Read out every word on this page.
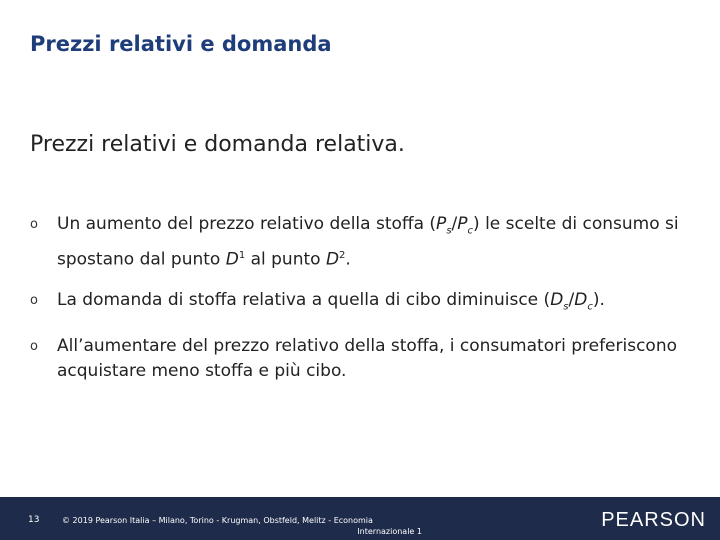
Prezzi relativi e domanda
Prezzi relativi e domanda relativa.
o Un aumento del prezzo relativo della stoffa $(P_s/P_c)$ le scelte di consumo si spostano dal punto $D^1$ al punto $D^2$.
o La domanda di stoffa relativa a quella di cibo diminuisce $(D_s/D_c)$.
o All’aumentare del prezzo relativo della stoffa, i consumatori preferiscono acquistare meno stoffa e più cibo.
13	© 2019 Pearson Italia – Milano, Torino - Krugman, Obstfeld, Melitz - Economia
Internazionale 1
PEARSON
